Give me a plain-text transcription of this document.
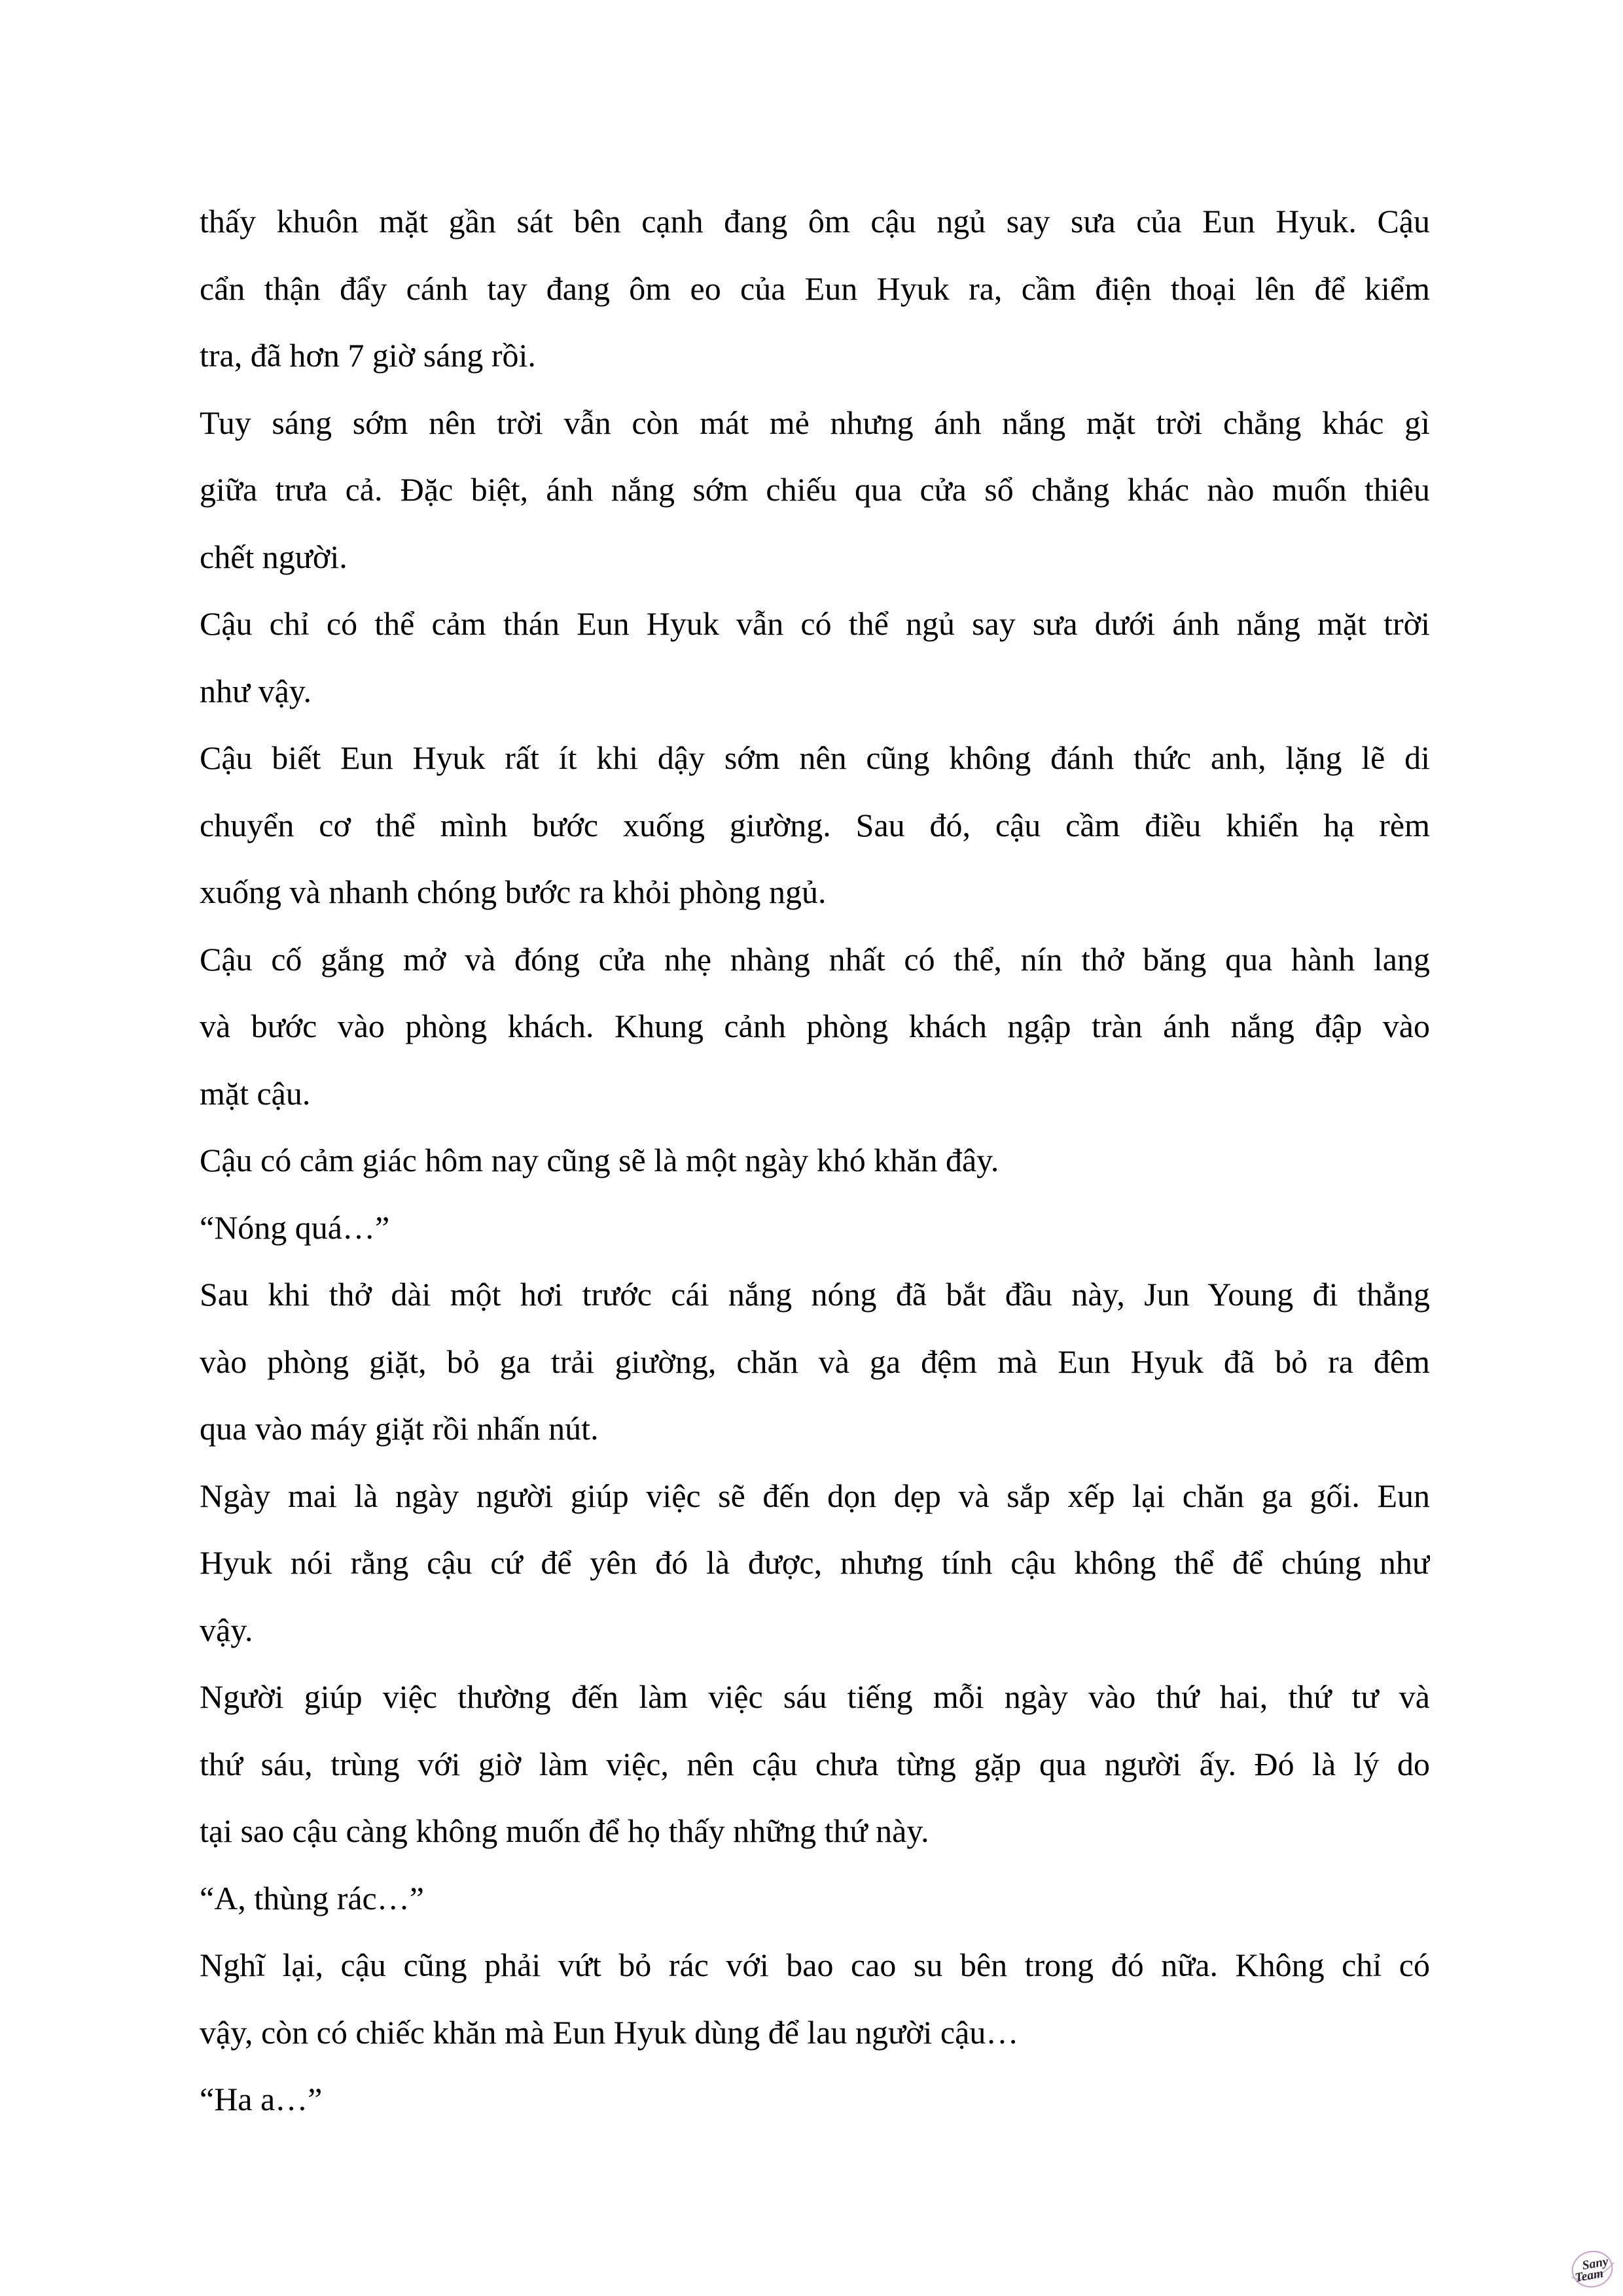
thấy khuôn mặt gần sát bên cạnh đang ôm cậu ngủ say sưa của Eun Hyuk. Cậu
cẩn thận đẩy cánh tay đang ôm eo của Eun Hyuk ra, cầm điện thoại lên để kiểm
tra, đã hơn 7 giờ sáng rồi.
Tuy sáng sớm nên trời vẫn còn mát mẻ nhưng ánh nắng mặt trời chẳng khác gì
giữa trưa cả. Đặc biệt, ánh nắng sớm chiếu qua cửa sổ chẳng khác nào muốn thiêu
chết người.
Cậu chỉ có thể cảm thán Eun Hyuk vẫn có thể ngủ say sưa dưới ánh nắng mặt trời
như vậy.
Cậu biết Eun Hyuk rất ít khi dậy sớm nên cũng không đánh thức anh, lặng lẽ di
chuyển cơ thể mình bước xuống giường. Sau đó, cậu cầm điều khiển hạ rèm
xuống và nhanh chóng bước ra khỏi phòng ngủ.
Cậu cố gắng mở và đóng cửa nhẹ nhàng nhất có thể, nín thở băng qua hành lang
và bước vào phòng khách. Khung cảnh phòng khách ngập tràn ánh nắng đập vào
mặt cậu.
Cậu có cảm giác hôm nay cũng sẽ là một ngày khó khăn đây.
“Nóng quá…”
Sau khi thở dài một hơi trước cái nắng nóng đã bắt đầu này, Jun Young đi thẳng
vào phòng giặt, bỏ ga trải giường, chăn và ga đệm mà Eun Hyuk đã bỏ ra đêm
qua vào máy giặt rồi nhấn nút.
Ngày mai là ngày người giúp việc sẽ đến dọn dẹp và sắp xếp lại chăn ga gối. Eun
Hyuk nói rằng cậu cứ để yên đó là được, nhưng tính cậu không thể để chúng như
vậy.
Người giúp việc thường đến làm việc sáu tiếng mỗi ngày vào thứ hai, thứ tư và
thứ sáu, trùng với giờ làm việc, nên cậu chưa từng gặp qua người ấy. Đó là lý do
tại sao cậu càng không muốn để họ thấy những thứ này.
“A, thùng rác…”
Nghĩ lại, cậu cũng phải vứt bỏ rác với bao cao su bên trong đó nữa. Không chỉ có
vậy, còn có chiếc khăn mà Eun Hyuk dùng để lau người cậu…
“Ha a…”
Sany
Team
